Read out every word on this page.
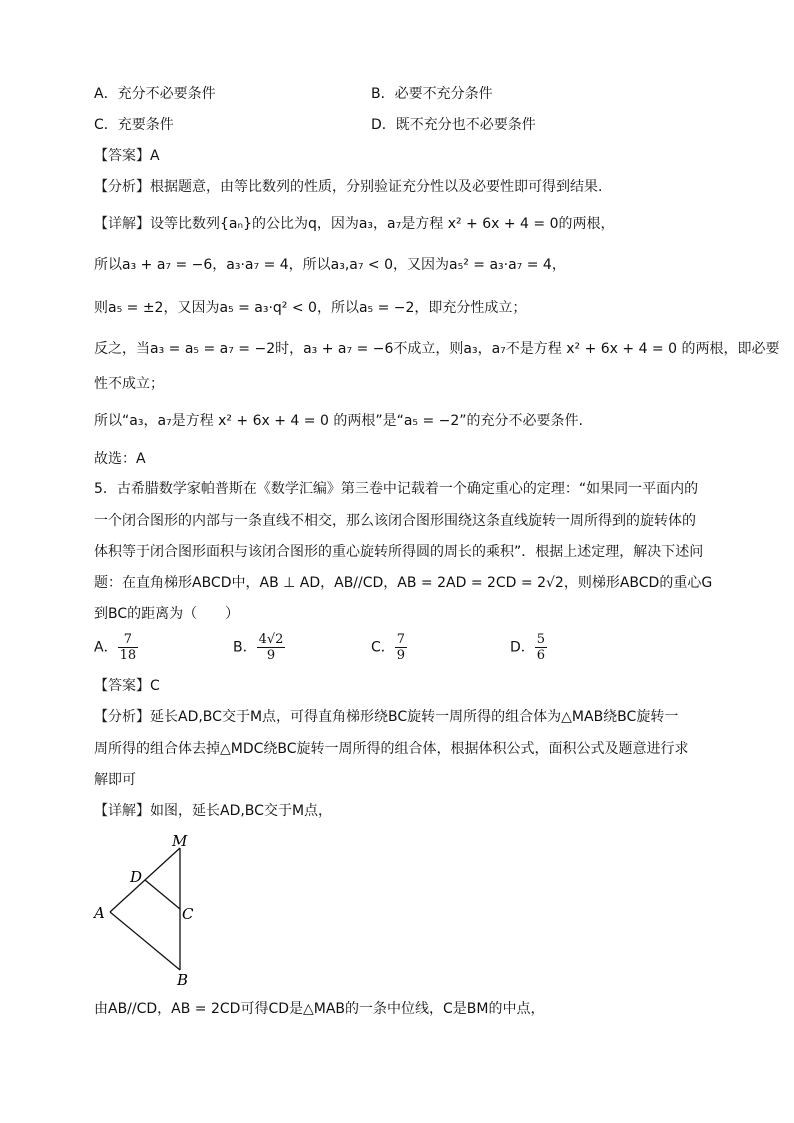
A．充分不必要条件	B．必要不充分条件
C．充要条件	D．既不充分也不必要条件
【答案】A
【分析】根据题意，由等比数列的性质，分别验证充分性以及必要性即可得到结果.
【详解】设等比数列{aₙ}的公比为q，因为a₃，a₇是方程 x² + 6x + 4 = 0的两根，
所以a₃ + a₇ = −6，a₃·a₇ = 4，所以a₃,a₇ < 0，又因为a₅² = a₃·a₇ = 4，
则a₅ = ±2，又因为a₅ = a₃·q² < 0，所以a₅ = −2，即充分性成立；
反之，当a₃ = a₅ = a₇ = −2时，a₃ + a₇ = −6不成立，则a₃，a₇不是方程 x² + 6x + 4 = 0 的两根，即必要
性不成立；
所以“a₃，a₇是方程 x² + 6x + 4 = 0 的两根”是“a₅ = −2”的充分不必要条件.
故选：A
5．古希腊数学家帕普斯在《数学汇编》第三卷中记载着一个确定重心的定理：“如果同一平面内的
一个闭合图形的内部与一条直线不相交，那么该闭合图形围绕这条直线旋转一周所得到的旋转体的
体积等于闭合图形面积与该闭合图形的重心旋转所得圆的周长的乘积”．根据上述定理，解决下述问
题：在直角梯形ABCD中，AB ⊥ AD，AB//CD，AB = 2AD = 2CD = 2√2，则梯形ABCD的重心G
到BC的距离为（　　）
A． $\frac{7}{18}$	B． $\frac{4√2}{9}$	C． $\frac{7}{9}$	D． $\frac{5}{6}$
【答案】C
【分析】延长AD,BC交于M点，可得直角梯形绕BC旋转一周所得的组合体为△MAB绕BC旋转一
周所得的组合体去掉△MDC绕BC旋转一周所得的组合体，根据体积公式，面积公式及题意进行求
解即可
【详解】如图，延长AD,BC交于M点，
M
D
A	C
B
由AB//CD，AB = 2CD可得CD是△MAB的一条中位线，C是BM的中点，
